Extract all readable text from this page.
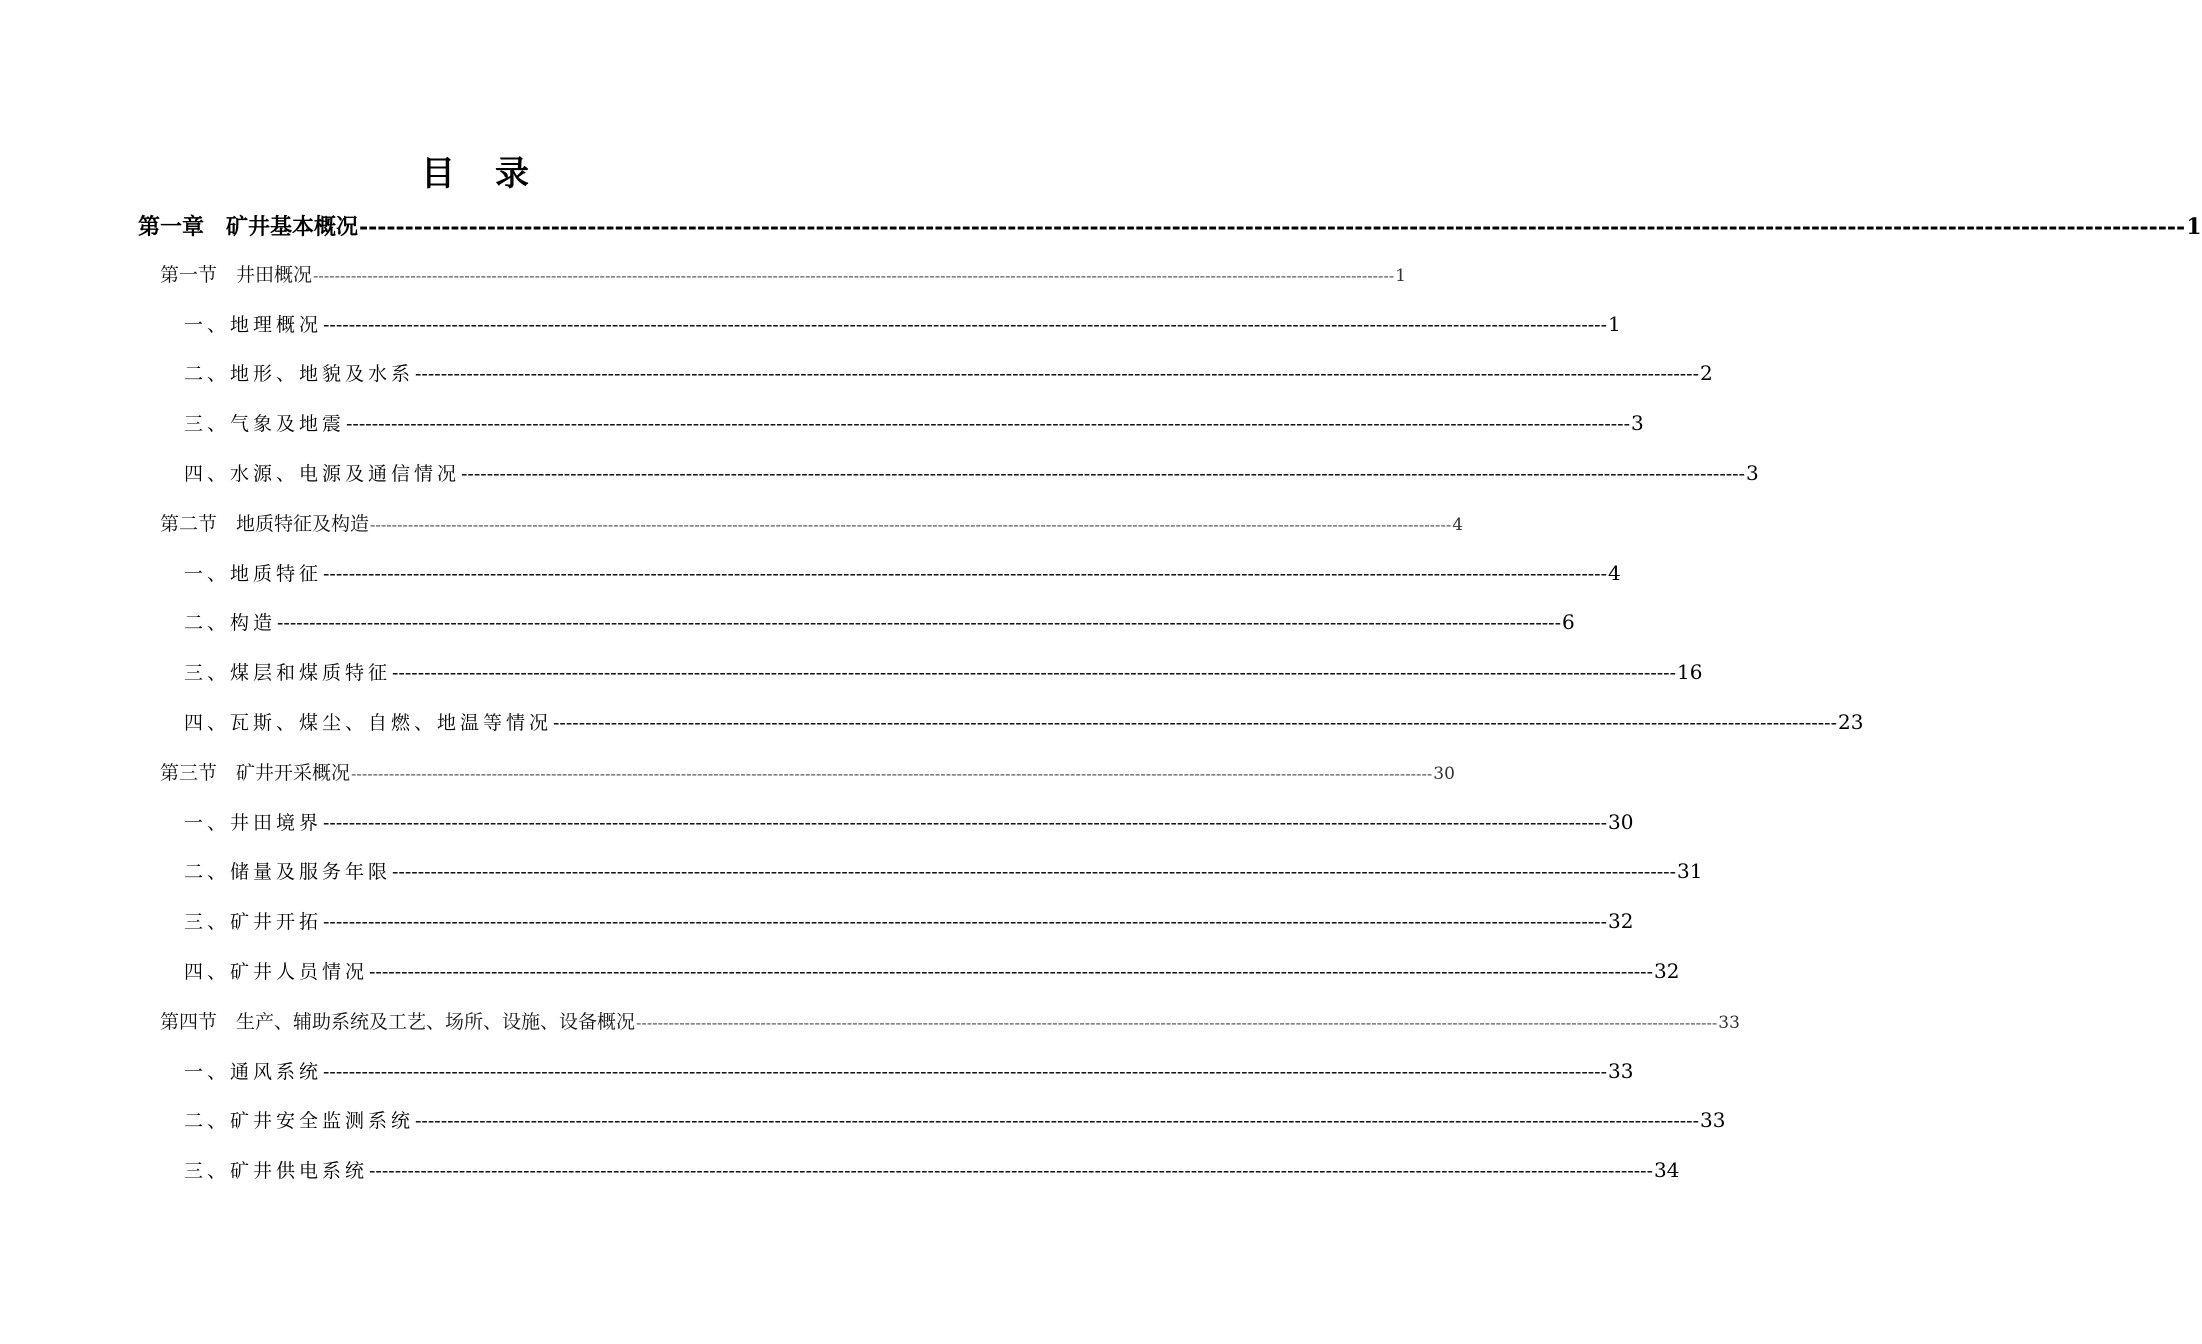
目录
第一章　矿井基本概况 -------------------------------------------------------------------------------------------------------------------------------------------------------------------------------------------------------- 1
第一节　井田概况 -------------------------------------------------------------------------------------------------------------------------------------------------------------------------------------------------------- 1
一、地理概况 -------------------------------------------------------------------------------------------------------------------------------------------------------------------------------------------------------- 1
二、地形、地貌及水系 -------------------------------------------------------------------------------------------------------------------------------------------------------------------------------------------------------- 2
三、气象及地震 -------------------------------------------------------------------------------------------------------------------------------------------------------------------------------------------------------- 3
四、水源、电源及通信情况 -------------------------------------------------------------------------------------------------------------------------------------------------------------------------------------------------------- 3
第二节　地质特征及构造 -------------------------------------------------------------------------------------------------------------------------------------------------------------------------------------------------------- 4
一、地质特征 -------------------------------------------------------------------------------------------------------------------------------------------------------------------------------------------------------- 4
二、构造 -------------------------------------------------------------------------------------------------------------------------------------------------------------------------------------------------------- 6
三、煤层和煤质特征 -------------------------------------------------------------------------------------------------------------------------------------------------------------------------------------------------------- 16
四、瓦斯、煤尘、自燃、地温等情况 -------------------------------------------------------------------------------------------------------------------------------------------------------------------------------------------------------- 23
第三节　矿井开采概况 -------------------------------------------------------------------------------------------------------------------------------------------------------------------------------------------------------- 30
一、井田境界 -------------------------------------------------------------------------------------------------------------------------------------------------------------------------------------------------------- 30
二、储量及服务年限 -------------------------------------------------------------------------------------------------------------------------------------------------------------------------------------------------------- 31
三、矿井开拓 -------------------------------------------------------------------------------------------------------------------------------------------------------------------------------------------------------- 32
四、矿井人员情况 -------------------------------------------------------------------------------------------------------------------------------------------------------------------------------------------------------- 32
第四节　生产、辅助系统及工艺、场所、设施、设备概况 -------------------------------------------------------------------------------------------------------------------------------------------------------------------------------------------------------- 33
一、通风系统 -------------------------------------------------------------------------------------------------------------------------------------------------------------------------------------------------------- 33
二、矿井安全监测系统 -------------------------------------------------------------------------------------------------------------------------------------------------------------------------------------------------------- 33
三、矿井供电系统 -------------------------------------------------------------------------------------------------------------------------------------------------------------------------------------------------------- 34
